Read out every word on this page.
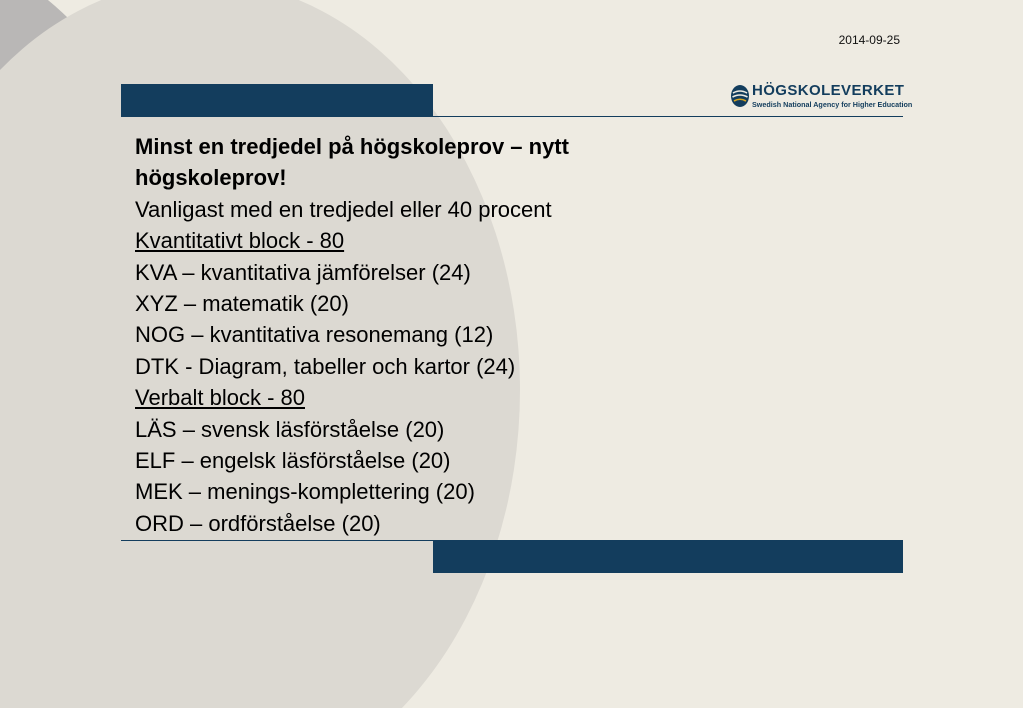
2014-09-25
HÖGSKOLEVERKET
Swedish National Agency for Higher Education
Minst en tredjedel på högskoleprov – nytt högskoleprov!
Vanligast med en tredjedel eller 40 procent
Kvantitativt block - 80
KVA – kvantitativa jämförelser (24)
XYZ – matematik (20)
NOG – kvantitativa resonemang (12)
DTK - Diagram, tabeller och kartor (24)
Verbalt block - 80
LÄS – svensk läsförståelse (20)
ELF – engelsk läsförståelse (20)
MEK – menings-komplettering (20)
ORD – ordförståelse (20)
